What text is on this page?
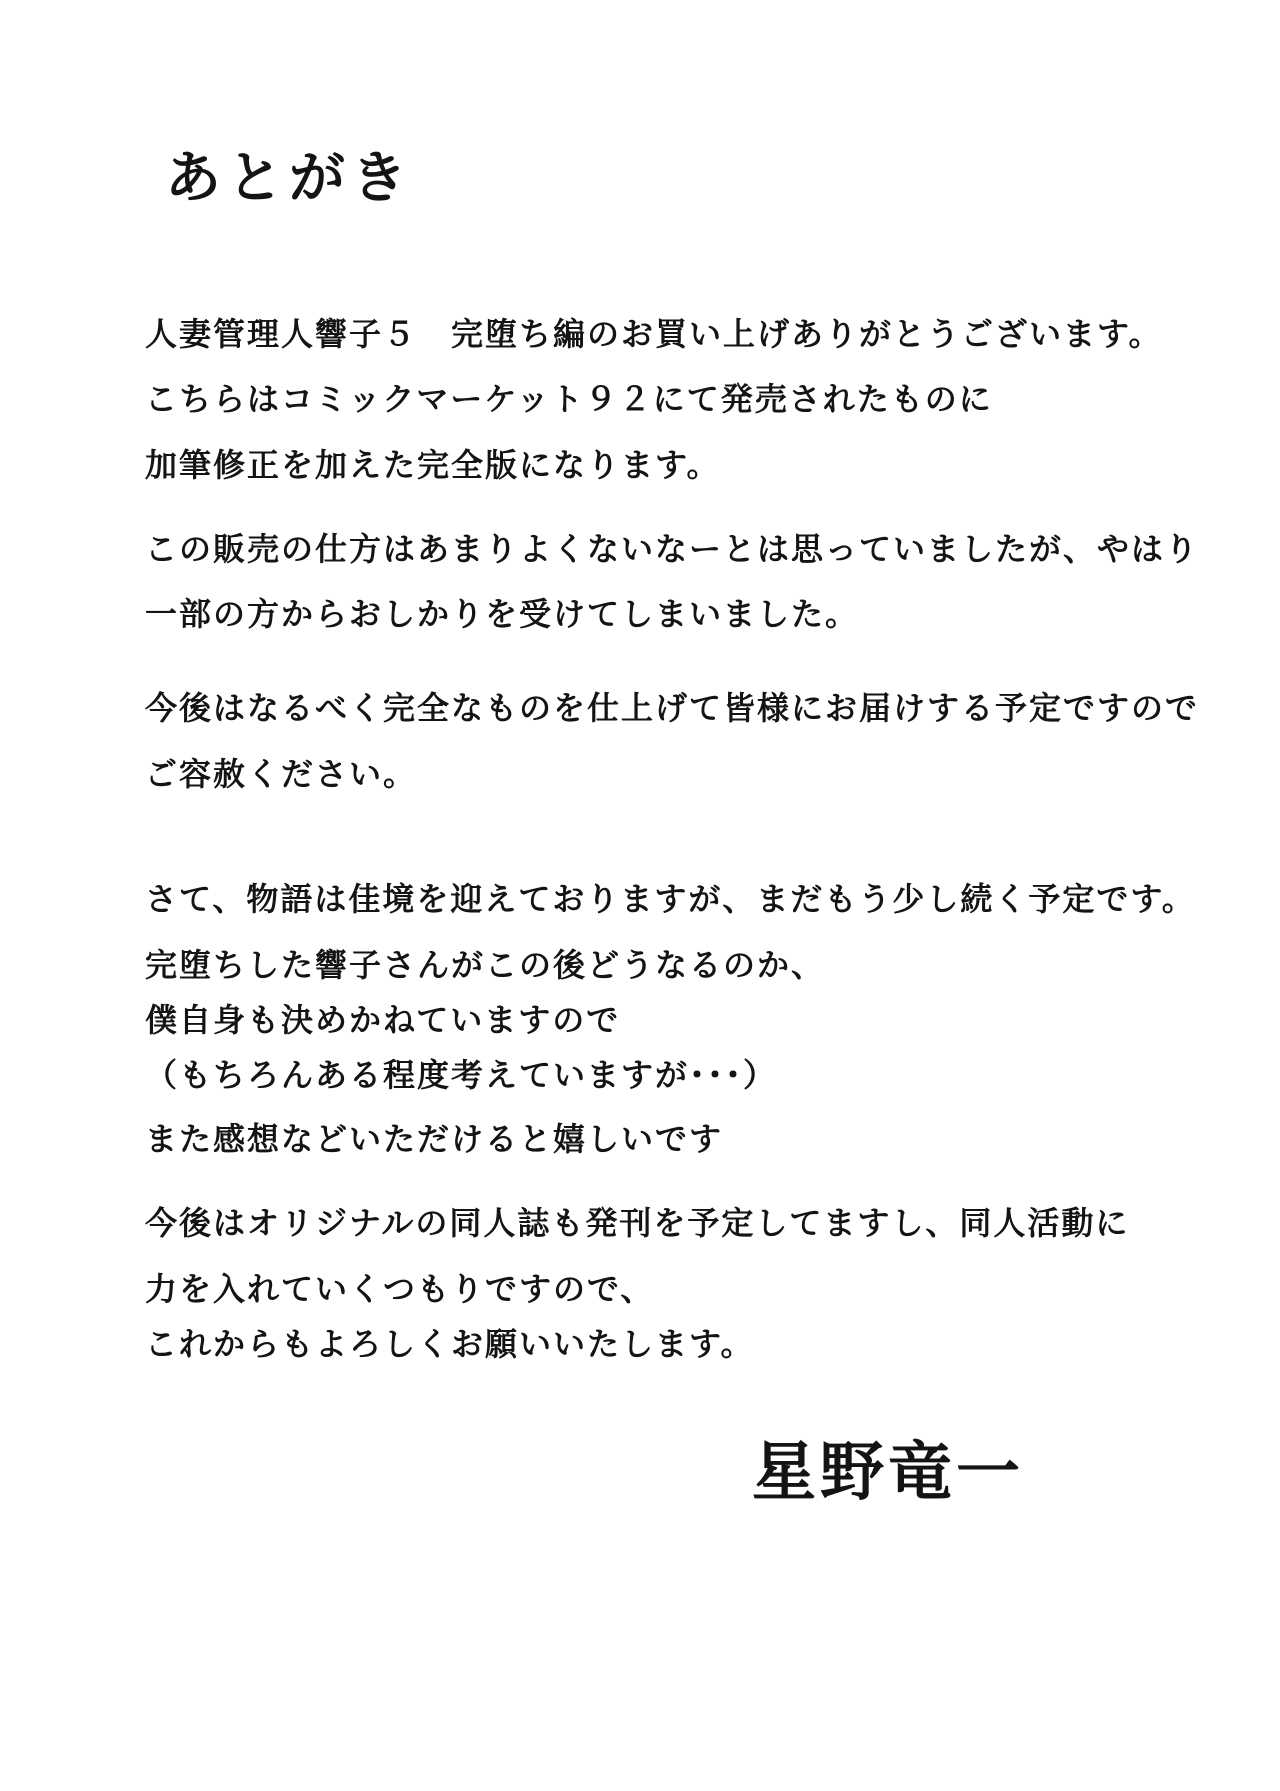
あとがき
人妻管理人響子５　完堕ち編のお買い上げありがとうございます。
こちらはコミックマーケット９２にて発売されたものに
加筆修正を加えた完全版になります。
この販売の仕方はあまりよくないなーとは思っていましたが、やはり
一部の方からおしかりを受けてしまいました。
今後はなるべく完全なものを仕上げて皆様にお届けする予定ですので
ご容赦ください。
さて、物語は佳境を迎えておりますが、まだもう少し続く予定です。
完堕ちした響子さんがこの後どうなるのか、
僕自身も決めかねていますので
（もちろんある程度考えていますが･･･）
また感想などいただけると嬉しいです
今後はオリジナルの同人誌も発刊を予定してますし、同人活動に
力を入れていくつもりですので、
これからもよろしくお願いいたします。
星野竜一
